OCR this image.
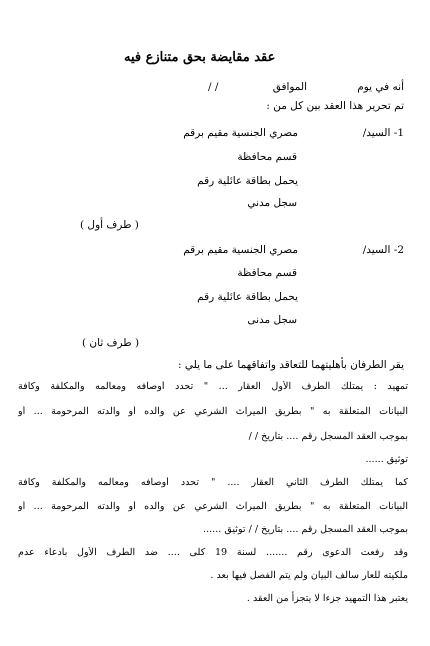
عقد مقايضة بحق متنازع فيه
أنه في يوم
الموافق
/ /
تم تحرير هذا العقد بين كل من :
1- السيد/
مصري الجنسية مقيم برقم
قسم محافظة
يحمل بطاقة عائلية رقم
سجل مدني
( طرف أول )
2- السيد/
مصري الجنسية مقيم برقم
قسم محافظة
يحمل بطاقة عائلية رقم
سجل مدنى
( طرف ثان )
يقر الطرفان بأهليتهما للتعاقد واتفاقهما على ما يلي :
تمهيد : يمتلك الطرف الأول العقار ... " تحدد أوصافه ومعالمه والمكلفة وكافة
البيانات المتعلقة به " بطريق الميراث الشرعي عن والده أو والدته المرحومة ... أو
بموجب العقد المسجل رقم .... بتاريخ / /
توثيق ......
كما يمتلك الطرف الثاني العقار .... " تحدد أوصافه ومعالمه والمكلفة وكافة
البيانات المتعلقة به " بطريق الميراث الشرعي عن والده أو والدته المرحومة ... أو
بموجب العقد المسجل رقم .... بتاريخ / / توثيق ......
وقد رفعت الدعوى رقم ....... لسنة 19 كلى .... ضد الطرف الأول بادعاء عدم
ملكيته للعار سالف البيان ولم يتم الفصل فيها بعد .
يعتبر هذا التمهيد جزءا لا يتجزأ من العقد .
